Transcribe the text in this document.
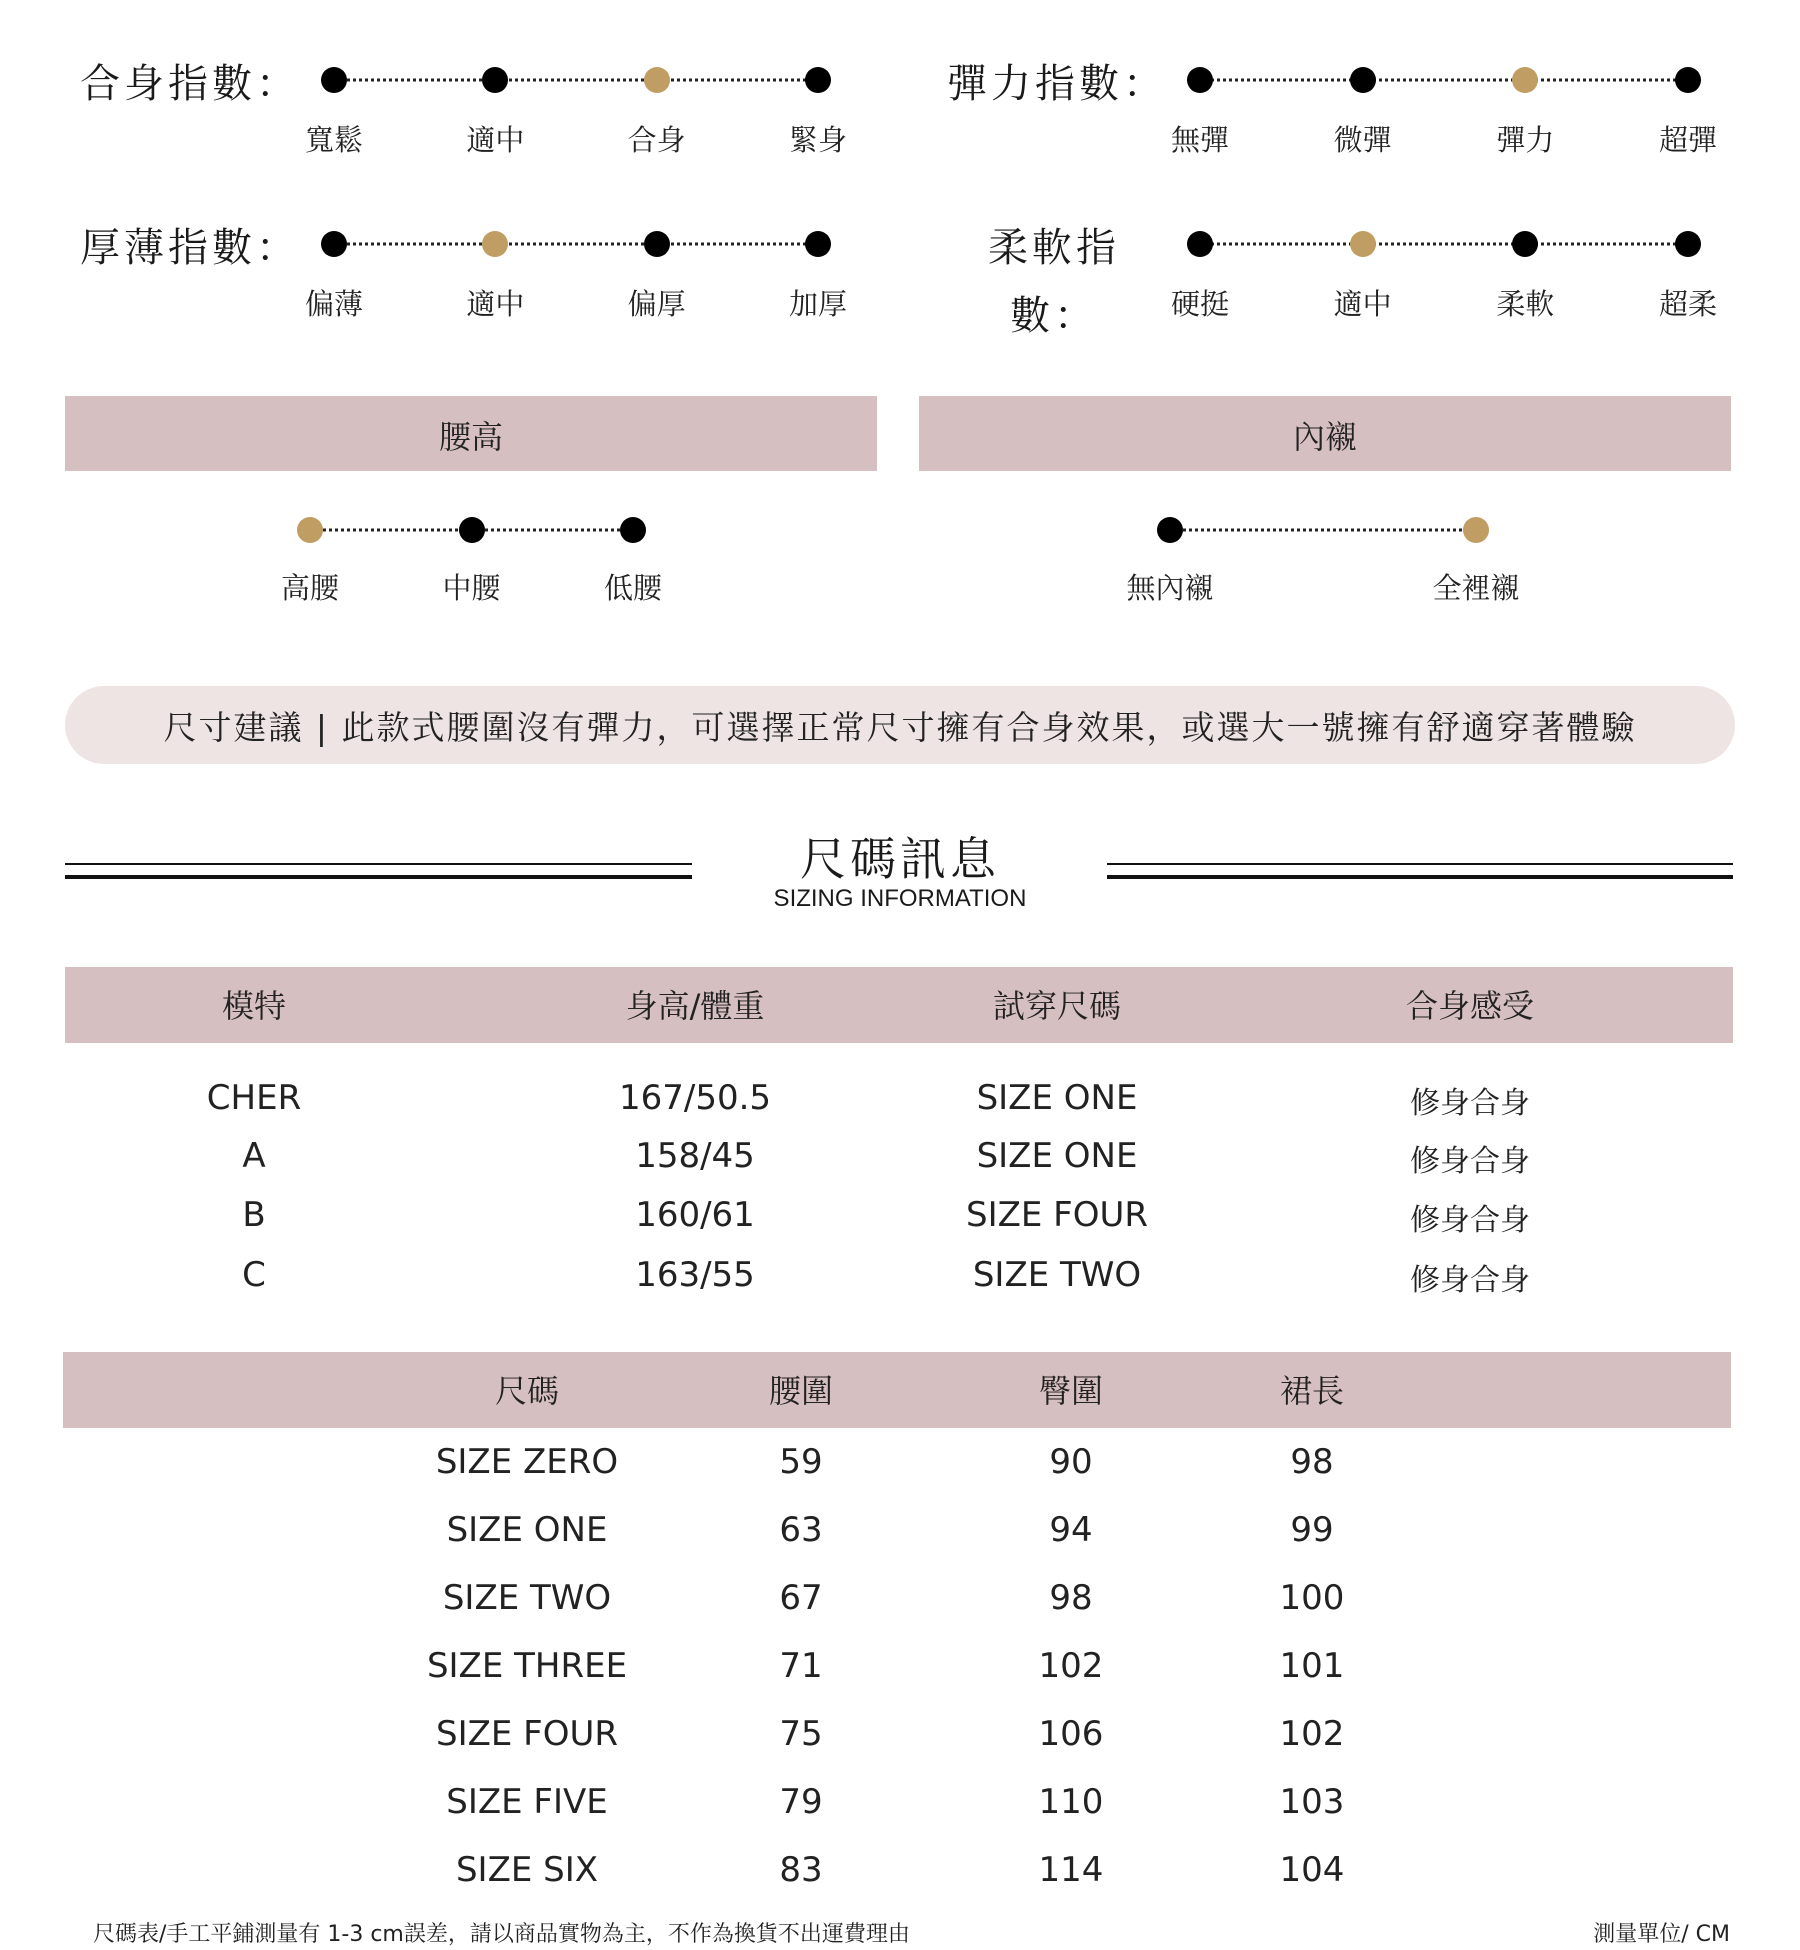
合身指數：
寬鬆	適中	合身	緊身
彈力指數：
無彈	微彈	彈力	超彈
厚薄指數：
偏薄	適中	偏厚	加厚
柔軟指
數：	硬挺	適中	柔軟	超柔
腰高	內襯
高腰	中腰	低腰	無內襯	全裡襯
尺寸建議 | 此款式腰圍沒有彈力，可選擇正常尺寸擁有合身效果，或選大一號擁有舒適穿著體驗
尺碼訊息
SIZING INFORMATION
模特	身高/體重	試穿尺碼	合身感受
CHER	167/50.5	SIZE ONE	修身合身
A	158/45	SIZE ONE	修身合身
B	160/61	SIZE FOUR	修身合身
C	163/55	SIZE TWO	修身合身
尺碼	腰圍	臀圍	裙長
SIZE ZERO	59	90	98
SIZE ONE	63	94	99
SIZE TWO	67	98	100
SIZE THREE	71	102	101
SIZE FOUR	75	106	102
SIZE FIVE	79	110	103
SIZE SIX	83	114	104
尺碼表/手工平鋪測量有 1-3 cm誤差，請以商品實物為主，不作為換貨不出運費理由	測量單位/ CM
